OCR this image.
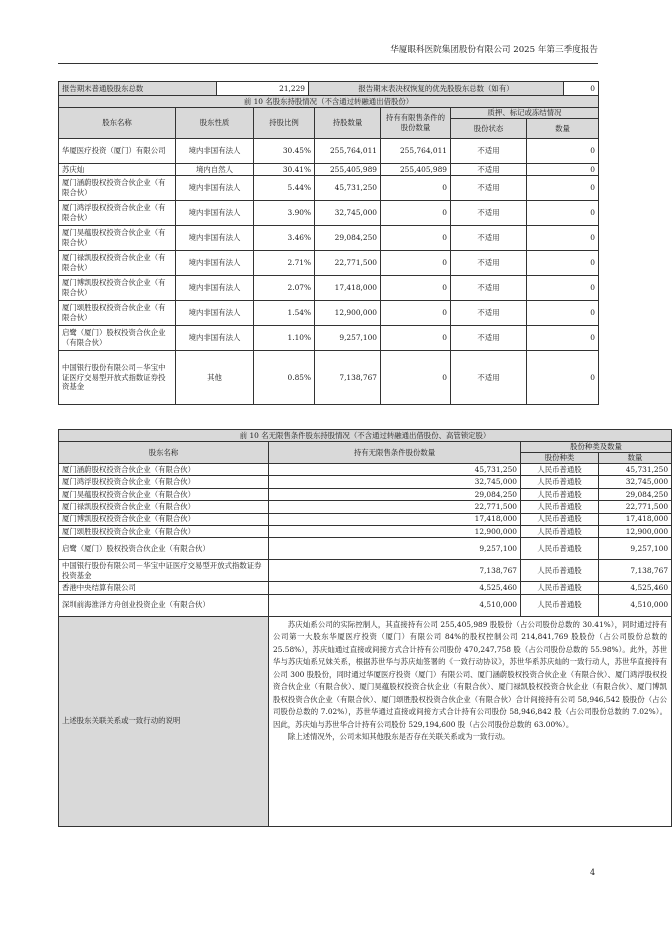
华厦眼科医院集团股份有限公司 2025 年第三季度报告
报告期末普通股股东总数	21,229	报告期末表决权恢复的优先股股东总数（如有）	0
前 10 名股东持股情况（不含通过转融通出借股份）						
股东名称	股东性质	持股比例	持股数量	持有有限售条件的股份数量	质押、标记或冻结情况	
					股份状态	数量
华厦医疗投资（厦门）有限公司	境内非国有法人	30.45%	255,764,011	255,764,011	不适用	0
苏庆灿	境内自然人	30.41%	255,405,989	255,405,989	不适用	0
厦门涵蔚股权投资合伙企业（有限合伙）	境内非国有法人	5.44%	45,731,250	0	不适用	0
厦门鸿浮股权投资合伙企业（有限合伙）	境内非国有法人	3.90%	32,745,000	0	不适用	0
厦门昊蕴股权投资合伙企业（有限合伙）	境内非国有法人	3.46%	29,084,250	0	不适用	0
厦门禄凯股权投资合伙企业（有限合伙）	境内非国有法人	2.71%	22,771,500	0	不适用	0
厦门博凯股权投资合伙企业（有限合伙）	境内非国有法人	2.07%	17,418,000	0	不适用	0
厦门颂胜股权投资合伙企业（有限合伙）	境内非国有法人	1.54%	12,900,000	0	不适用	0
启鹭（厦门）股权投资合伙企业（有限合伙）	境内非国有法人	1.10%	9,257,100	0	不适用	0
中国银行股份有限公司－华宝中证医疗交易型开放式指数证券投资基金	其他	0.85%	7,138,767	0	不适用	0
前 10 名无限售条件股东持股情况（不含通过转融通出借股份、高管锁定股）			
股东名称	持有无限售条件股份数量	股份种类及数量	
		股份种类	数量
厦门涵蔚股权投资合伙企业（有限合伙）	45,731,250	人民币普通股	45,731,250
厦门鸿浮股权投资合伙企业（有限合伙）	32,745,000	人民币普通股	32,745,000
厦门昊蕴股权投资合伙企业（有限合伙）	29,084,250	人民币普通股	29,084,250
厦门禄凯股权投资合伙企业（有限合伙）	22,771,500	人民币普通股	22,771,500
厦门博凯股权投资合伙企业（有限合伙）	17,418,000	人民币普通股	17,418,000
厦门颂胜股权投资合伙企业（有限合伙）	12,900,000	人民币普通股	12,900,000
启鹭（厦门）股权投资合伙企业（有限合伙）	9,257,100	人民币普通股	9,257,100
中国银行股份有限公司－华宝中证医疗交易型开放式指数证券投资基金	7,138,767	人民币普通股	7,138,767
香港中央结算有限公司	4,525,460	人民币普通股	4,525,460
深圳前海淮泽方舟创业投资企业（有限合伙）	4,510,000	人民币普通股	4,510,000
上述股东关联关系或一致行动的说明	苏庆灿系公司的实际控制人，其直接持有公司 255,405,989 股股份（占公司股份总数的 30.41%），同时通过持有公司第一大股东华厦医疗投资（厦门）有限公司 84%的股权控制公司 214,841,769 股股份（占公司股份总数的 25.58%），苏庆灿通过直接或间接方式合计持有公司股份 470,247,758 股（占公司股份总数的 55.98%）。此外，苏世华与苏庆灿系兄妹关系，根据苏世华与苏庆灿签署的《一致行动协议》，苏世华系苏庆灿的一致行动人，苏世华直接持有公司 300 股股份，同时通过华厦医疗投资（厦门）有限公司、厦门涵蔚股权投资合伙企业（有限合伙）、厦门鸿浮股权投资合伙企业（有限合伙）、厦门昊蕴股权投资合伙企业（有限合伙）、厦门禄凯股权投资合伙企业（有限合伙）、厦门博凯股权投资合伙企业（有限合伙）、厦门颂胜股权投资合伙企业（有限合伙）合计间接持有公司 58,946,542 股股份（占公司股份总数的 7.02%），苏世华通过直接或间接方式合计持有公司股份 58,946,842 股（占公司股份总数的 7.02%）。因此，苏庆灿与苏世华合计持有公司股份 529,194,600 股（占公司股份总数的 63.00%）。

除上述情况外，公司未知其他股东是否存在关联关系或为一致行动。		

4
